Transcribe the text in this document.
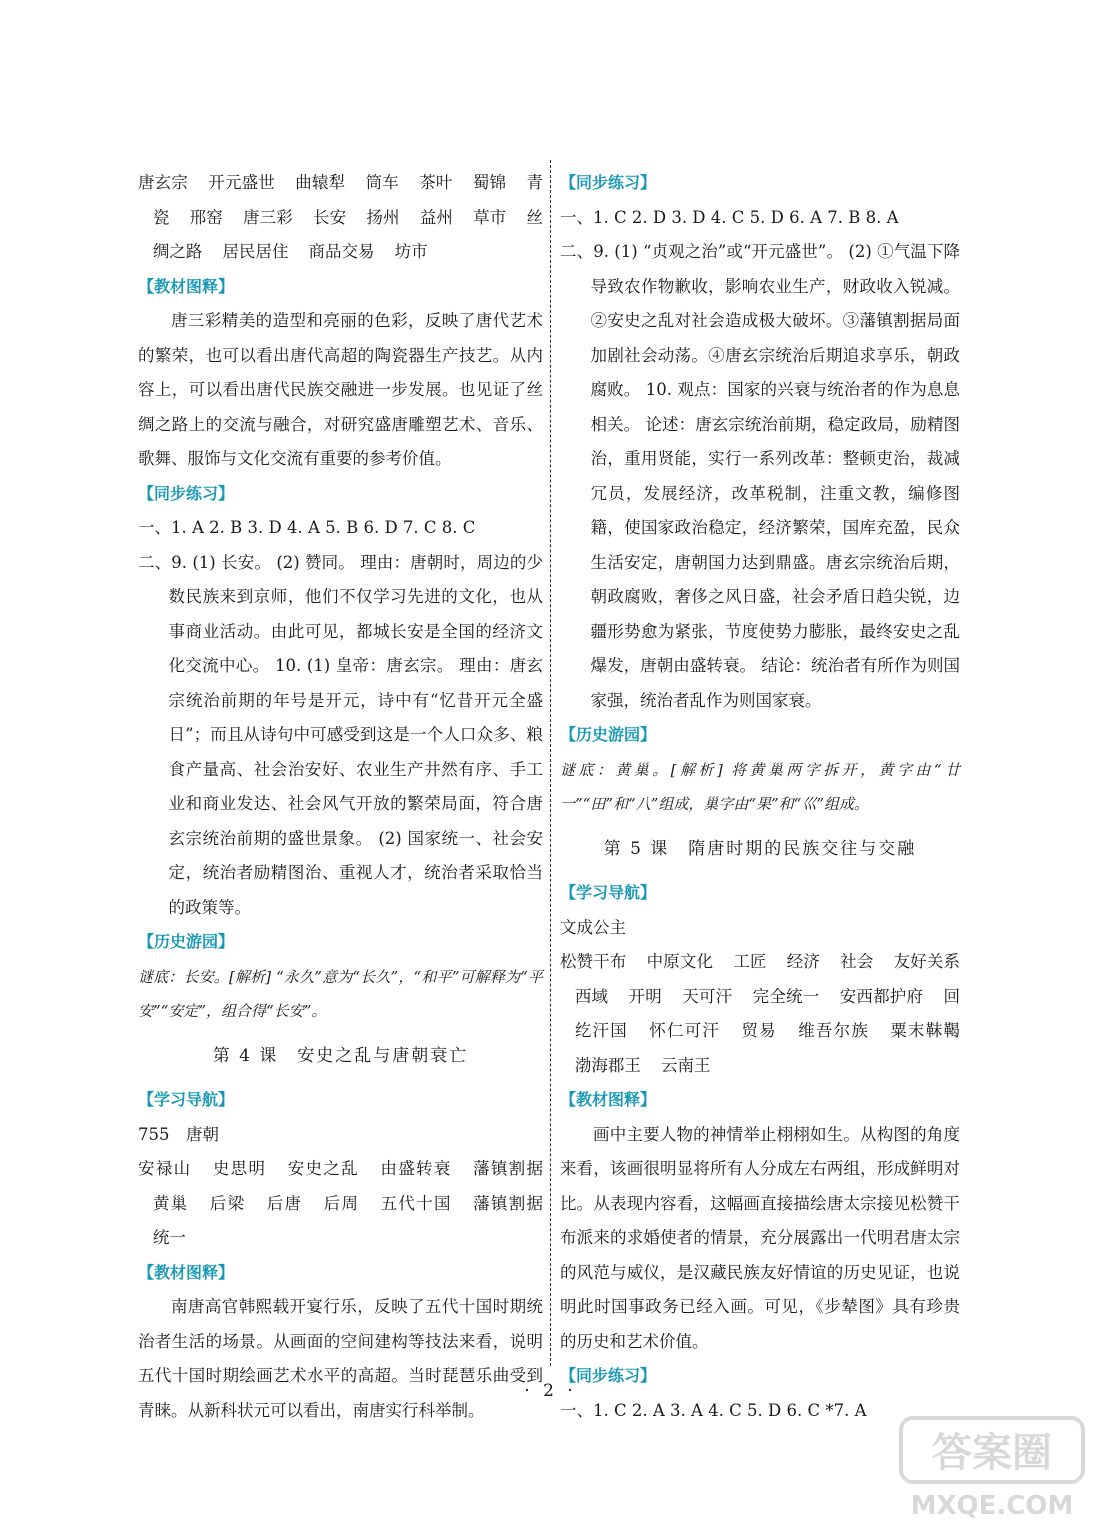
唐玄宗 开元盛世 曲辕犁 筒车 茶叶 蜀锦 青瓷 邢窑 唐三彩 长安 扬州 益州 草市 丝绸之路 居民居住 商品交易 坊市

【教材图释】

唐三彩精美的造型和亮丽的色彩，反映了唐代艺术的繁荣，也可以看出唐代高超的陶瓷器生产技艺。从内容上，可以看出唐代民族交融进一步发展。也见证了丝绸之路上的交流与融合，对研究盛唐雕塑艺术、音乐、歌舞、服饰与文化交流有重要的参考价值。

【同步练习】

一、1. A 2. B 3. D 4. A 5. B 6. D 7. C 8. C

二、9. (1) 长安。 (2) 赞同。 理由：唐朝时，周边的少数民族来到京师，他们不仅学习先进的文化，也从事商业活动。由此可见，都城长安是全国的经济文化交流中心。 10. (1) 皇帝：唐玄宗。 理由：唐玄宗统治前期的年号是开元，诗中有“忆昔开元全盛日”；而且从诗句中可感受到这是一个人口众多、粮食产量高、社会治安好、农业生产井然有序、手工业和商业发达、社会风气开放的繁荣局面，符合唐玄宗统治前期的盛世景象。 (2) 国家统一、社会安定，统治者励精图治、重视人才，统治者采取恰当的政策等。

【历史游园】

谜底：长安。[解析] “永久”意为“长久”，“和平”可解释为“平安”“安定”，组合得“长安”。

第 4 课　安史之乱与唐朝衰亡

【学习导航】

755　唐朝

安禄山 史思明 安史之乱 由盛转衰 藩镇割据 黄巢 后梁 后唐 后周 五代十国 藩镇割据 统一

【教材图释】

南唐高官韩熙载开宴行乐，反映了五代十国时期统治者生活的场景。从画面的空间建构等技法来看，说明五代十国时期绘画艺术水平的高超。当时琵琶乐曲受到青睐。从新科状元可以看出，南唐实行科举制。

【同步练习】

一、1. C 2. D 3. D 4. C 5. D 6. A 7. B 8. A

二、9. (1) “贞观之治”或“开元盛世”。 (2) ①气温下降导致农作物歉收，影响农业生产，财政收入锐减。②安史之乱对社会造成极大破坏。③藩镇割据局面加剧社会动荡。④唐玄宗统治后期追求享乐，朝政腐败。 10. 观点：国家的兴衰与统治者的作为息息相关。 论述：唐玄宗统治前期，稳定政局，励精图治，重用贤能，实行一系列改革：整顿吏治，裁减冗员，发展经济，改革税制，注重文教，编修图籍，使国家政治稳定，经济繁荣，国库充盈，民众生活安定，唐朝国力达到鼎盛。唐玄宗统治后期，朝政腐败，奢侈之风日盛，社会矛盾日趋尖锐，边疆形势愈为紧张，节度使势力膨胀，最终安史之乱爆发，唐朝由盛转衰。 结论：统治者有所作为则国家强，统治者乱作为则国家衰。

【历史游园】

谜底：黄巢。[解析] 将黄巢两字拆开，黄字由“廿一”“田”和“八”组成，巢字由“果”和“巛”组成。

第 5 课　隋唐时期的民族交往与交融

【学习导航】

文成公主

松赞干布 中原文化 工匠 经济 社会 友好关系 西域 开明 天可汗 完全统一 安西都护府 回纥汗国 怀仁可汗 贸易 维吾尔族 粟末靺鞨 渤海郡王 云南王

【教材图释】

画中主要人物的神情举止栩栩如生。从构图的角度来看，该画很明显将所有人分成左右两组，形成鲜明对比。从表现内容看，这幅画直接描绘唐太宗接见松赞干布派来的求婚使者的情景，充分展露出一代明君唐太宗的风范与威仪，是汉藏民族友好情谊的历史见证，也说明此时国事政务已经入画。可见，《步辇图》具有珍贵的历史和艺术价值。

【同步练习】

一、1. C 2. A 3. A 4. C 5. D 6. C *7. A

· 2 ·
答案圈
MXQE.COM
